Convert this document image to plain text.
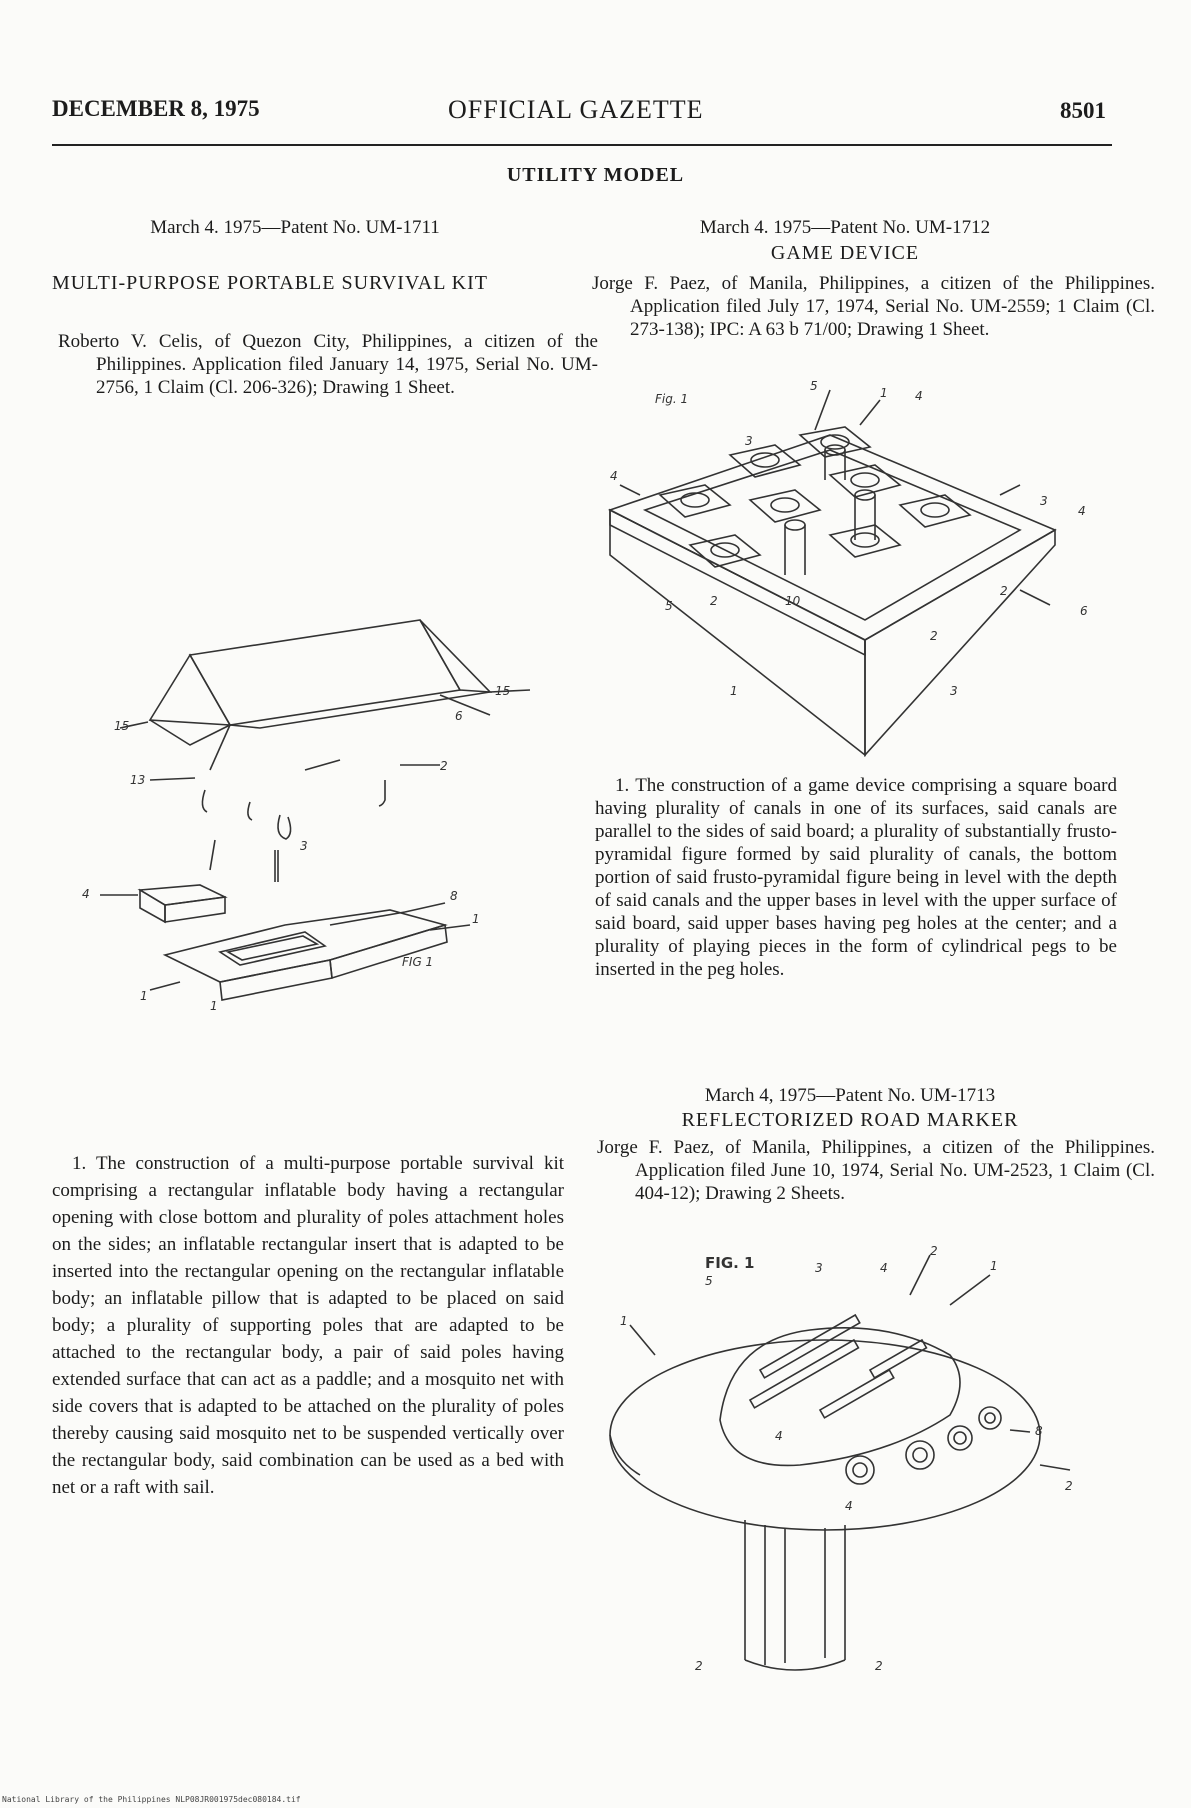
DECEMBER 8, 1975	OFFICIAL GAZETTE	8501
UTILITY MODEL
March 4. 1975—Patent No. UM-1711
MULTI-PURPOSE PORTABLE SURVIVAL KIT
Roberto V. Celis, of Quezon City, Philippines, a citizen of the Philippines. Application filed January 14, 1975, Serial No. UM-2756, 1 Claim (Cl. 206-326); Drawing 1 Sheet.
15
15
6
13
2
3
4	8
1
1
1
FIG 1
1. The construction of a multi-purpose portable survival kit comprising a rectangular inflatable body having a rectangular opening with close bottom and plurality of poles attachment holes on the sides; an inflatable rectangular insert that is adapted to be inserted into the rectangular opening on the rectangular inflatable body; an inflatable pillow that is adapted to be placed on said body; a plurality of supporting poles that are adapted to be attached to the rectangular body, a pair of said poles having extended surface that can act as a paddle; and a mosquito net with side covers that is adapted to be attached on the plurality of poles thereby causing said mosquito net to be suspended vertically over the rectangular body, said combination can be used as a bed with net or a raft with sail.
March 4. 1975—Patent No. UM-1712
GAME DEVICE
Jorge F. Paez, of Manila, Philippines, a citizen of the Philippines. Application filed July 17, 1974, Serial No. UM-2559; 1 Claim (Cl. 273-138); IPC: A 63 b 71/00; Drawing 1 Sheet.
Fig. 1
5	1 4
3
4
3
4
6
2
2
2
5	10
3
1
1. The construction of a game device comprising a square board having plurality of canals in one of its surfaces, said canals are parallel to the sides of said board; a plurality of substantially frusto-pyramidal figure formed by said plurality of canals, the bottom portion of said frusto-pyramidal figure being in level with the depth of said canals and the upper bases in level with the upper surface of said board, said upper bases having peg holes at the center; and a plurality of playing pieces in the form of cylindrical pegs to be inserted in the peg holes.
March 4, 1975—Patent No. UM-1713
REFLECTORIZED ROAD MARKER
Jorge F. Paez, of Manila, Philippines, a citizen of the Philippines. Application filed June 10, 1974, Serial No. UM-2523, 1 Claim (Cl. 404-12); Drawing 2 Sheets.
FIG. 1
5
3	4
2
1
8
2
1
4
4
2	2
National Library of the Philippines NLP08JR001975dec080184.tif
